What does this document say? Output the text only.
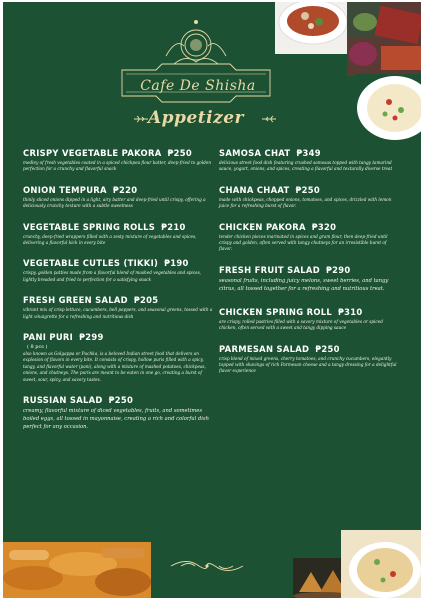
Cafe De Shisha
Appetizer
CRISPY VEGETABLE PAKORA ₱250

medley of fresh vegetables coated in a spiced chickpea flour batter, deep-fried to golden perfection for a crunchy and flavorful snack

ONION TEMPURA ₱220

thinly sliced onions dipped in a light, airy batter and deep-fried until crispy, offering a deliciously crunchy texture with a subtle sweetness

VEGETABLE SPRING ROLLS ₱210

crunchy, deep-fried wrappers filled with a zesty mixture of vegetables and spices, delivering a flavorful kick in every bite

VEGETABLE CUTLES (TIKKI) ₱190

crispy, golden patties made from a flavorful blend of mashed vegetables and spices, lightly breaded and fried to perfection for a satisfying snack

FRESH GREEN SALAD ₱205

vibrant mix of crisp lettuce, cucumbers, bell peppers, and seasonal greens, tossed with a light vinaigrette for a refreshing and nutritious dish

PANI PURI ₱299
( 8 pcs )

also known as Golgappa or Puchka, is a beloved Indian street food that delivers an explosion of flavors in every bite. It consists of crispy, hollow puris filled with a spicy, tangy, and flavorful water (pani), along with a mixture of mashed potatoes, chickpeas, onions, and chutneys. The puris are meant to be eaten in one go, creating a burst of sweet, sour, spicy, and savory tastes.

RUSSIAN SALAD ₱250

creamy, flavorful mixture of diced vegetables, fruits, and sometimes boiled eggs, all tossed in mayonnaise, creating a rich and colorful dish perfect for any occasion.

SAMOSA CHAT ₱349

delicious street food dish featuring crushed samosas topped with tangy tamarind sauce, yogurt, onions, and spices, creating a flavorful and texturally diverse treat

CHANA CHAAT ₱250

made with chickpeas, chopped onions, tomatoes, and spices, drizzled with lemon juice for a refreshing burst of flavor.

CHICKEN PAKORA ₱320

tender chicken pieces marinated in spices and gram flour, then deep-fried until crispy and golden, often served with tangy chutneys for an irresistible burst of flavor.

FRESH FRUIT SALAD ₱290

seasonal fruits, including juicy melons, sweet berries, and tangy citrus, all tossed together for a refreshing and nutritious treat.

CHICKEN SPRING ROLL ₱310

are crispy, rolled pastries filled with a savory mixture of vegetables or spiced chicken, often served with a sweet and tangy dipping sauce

PARMESAN SALAD ₱250

crisp blend of mixed greens, cherry tomatoes, and crunchy cucumbers, elegantly topped with shavings of rich Parmesan cheese and a tangy dressing for a delightful flavor experience
